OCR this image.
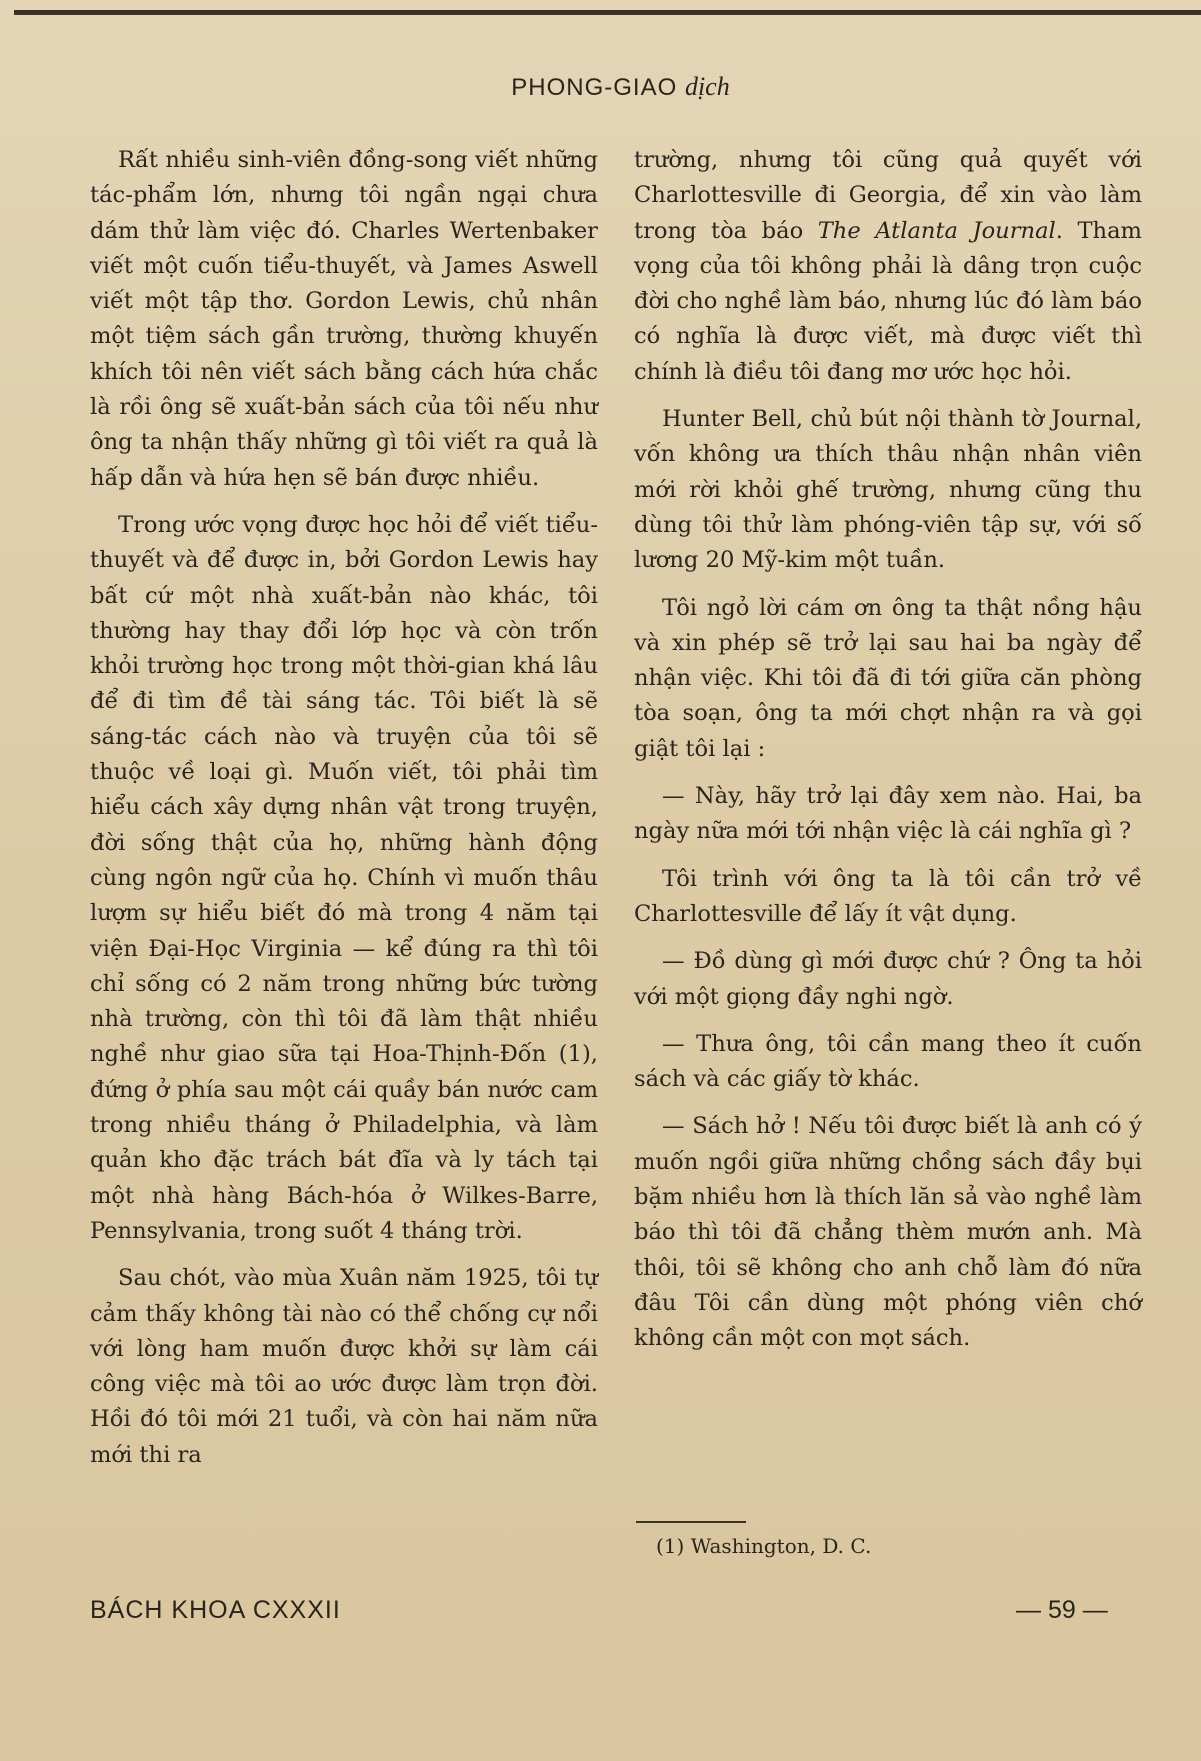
PHONG-GIAO dịch

Rất nhiều sinh-viên đồng-song viết những tác-phẩm lớn, nhưng tôi ngần ngại chưa dám thử làm việc đó. Charles Wertenbaker viết một cuốn tiểu-thuyết, và James Aswell viết một tập thơ. Gordon Lewis, chủ nhân một tiệm sách gần trường, thường khuyến khích tôi nên viết sách bằng cách hứa chắc là rồi ông sẽ xuất-bản sách của tôi nếu như ông ta nhận thấy những gì tôi viết ra quả là hấp dẫn và hứa hẹn sẽ bán được nhiều.

Trong ước vọng được học hỏi để viết tiểu-thuyết và để được in, bởi Gordon Lewis hay bất cứ một nhà xuất-bản nào khác, tôi thường hay thay đổi lớp học và còn trốn khỏi trường học trong một thời-gian khá lâu để đi tìm đề tài sáng tác. Tôi biết là sẽ sáng-tác cách nào và truyện của tôi sẽ thuộc về loại gì. Muốn viết, tôi phải tìm hiểu cách xây dựng nhân vật trong truyện, đời sống thật của họ, những hành động cùng ngôn ngữ của họ. Chính vì muốn thâu lượm sự hiểu biết đó mà trong 4 năm tại viện Đại-Học Virginia — kể đúng ra thì tôi chỉ sống có 2 năm trong những bức tường nhà trường, còn thì tôi đã làm thật nhiều nghề như giao sữa tại Hoa-Thịnh-Đốn (1), đứng ở phía sau một cái quầy bán nước cam trong nhiều tháng ở Philadelphia, và làm quản kho đặc trách bát đĩa và ly tách tại một nhà hàng Bách-hóa ở Wilkes-Barre, Pennsylvania, trong suốt 4 tháng trời.

Sau chót, vào mùa Xuân năm 1925, tôi tự cảm thấy không tài nào có thể chống cự nổi với lòng ham muốn được khởi sự làm cái công việc mà tôi ao ước được làm trọn đời. Hồi đó tôi mới 21 tuổi, và còn hai năm nữa mới thi ra

trường, nhưng tôi cũng quả quyết với Charlottesville đi Georgia, để xin vào làm trong tòa báo The Atlanta Journal. Tham vọng của tôi không phải là dâng trọn cuộc đời cho nghề làm báo, nhưng lúc đó làm báo có nghĩa là được viết, mà được viết thì chính là điều tôi đang mơ ước học hỏi.

Hunter Bell, chủ bút nội thành tờ Journal, vốn không ưa thích thâu nhận nhân viên mới rời khỏi ghế trường, nhưng cũng thu dùng tôi thử làm phóng-viên tập sự, với số lương 20 Mỹ-kim một tuần.

Tôi ngỏ lời cám ơn ông ta thật nồng hậu và xin phép sẽ trở lại sau hai ba ngày để nhận việc. Khi tôi đã đi tới giữa căn phòng tòa soạn, ông ta mới chợt nhận ra và gọi giật tôi lại :

— Này, hãy trở lại đây xem nào. Hai, ba ngày nữa mới tới nhận việc là cái nghĩa gì ?

Tôi trình với ông ta là tôi cần trở về Charlottesville để lấy ít vật dụng.

— Đồ dùng gì mới được chứ ? Ông ta hỏi với một giọng đầy nghi ngờ.

— Thưa ông, tôi cần mang theo ít cuốn sách và các giấy tờ khác.

— Sách hở ! Nếu tôi được biết là anh có ý muốn ngồi giữa những chồng sách đầy bụi bặm nhiều hơn là thích lăn sả vào nghề làm báo thì tôi đã chẳng thèm mướn anh. Mà thôi, tôi sẽ không cho anh chỗ làm đó nữa đâu Tôi cần dùng một phóng viên chớ không cần một con mọt sách.

(1) Washington, D. C.
BÁCH KHOA CXXXII	— 59 —
